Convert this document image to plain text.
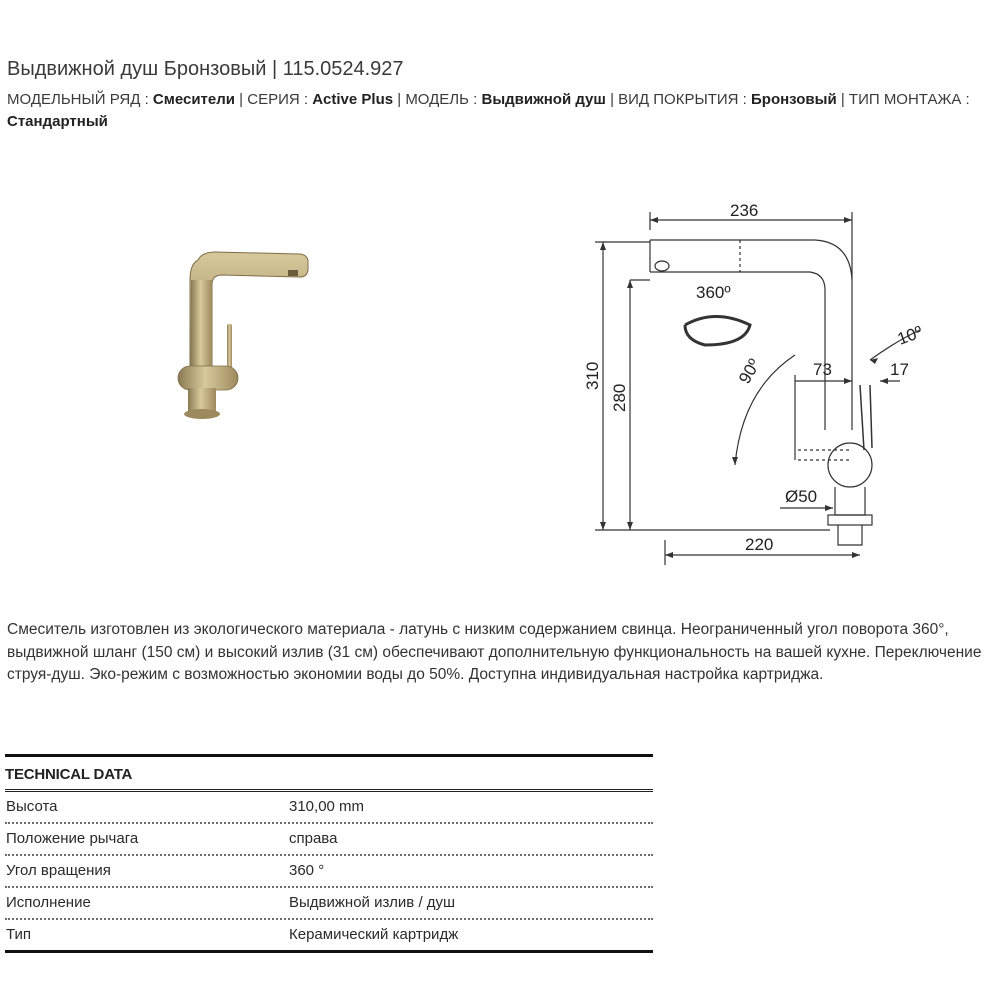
Выдвижной душ Бронзовый | 115.0524.927
МОДЕЛЬНЫЙ РЯД : Смесители | СЕРИЯ : Active Plus | МОДЕЛЬ : Выдвижной душ | ВИД ПОКРЫТИЯ : Бронзовый | ТИП МОНТАЖА : Стандартный
236
360º
10º
90º	73	17
310
280
Ø50
220
Смеситель изготовлен из экологического материала - латунь с низким содержанием свинца. Неограниченный угол поворота 360°, выдвижной шланг (150 см) и высокий излив (31 см) обеспечивают дополнительную функциональность на вашей кухне. Переключение струя-душ. Эко-режим с возможностью экономии воды до 50%. Доступна индивидуальная настройка картриджа.
TECHNICAL DATA
Высота	310,00 mm
Положение рычага	справа
Угол вращения	360 °
Исполнение	Выдвижной излив / душ
Тип	Керамический картридж
